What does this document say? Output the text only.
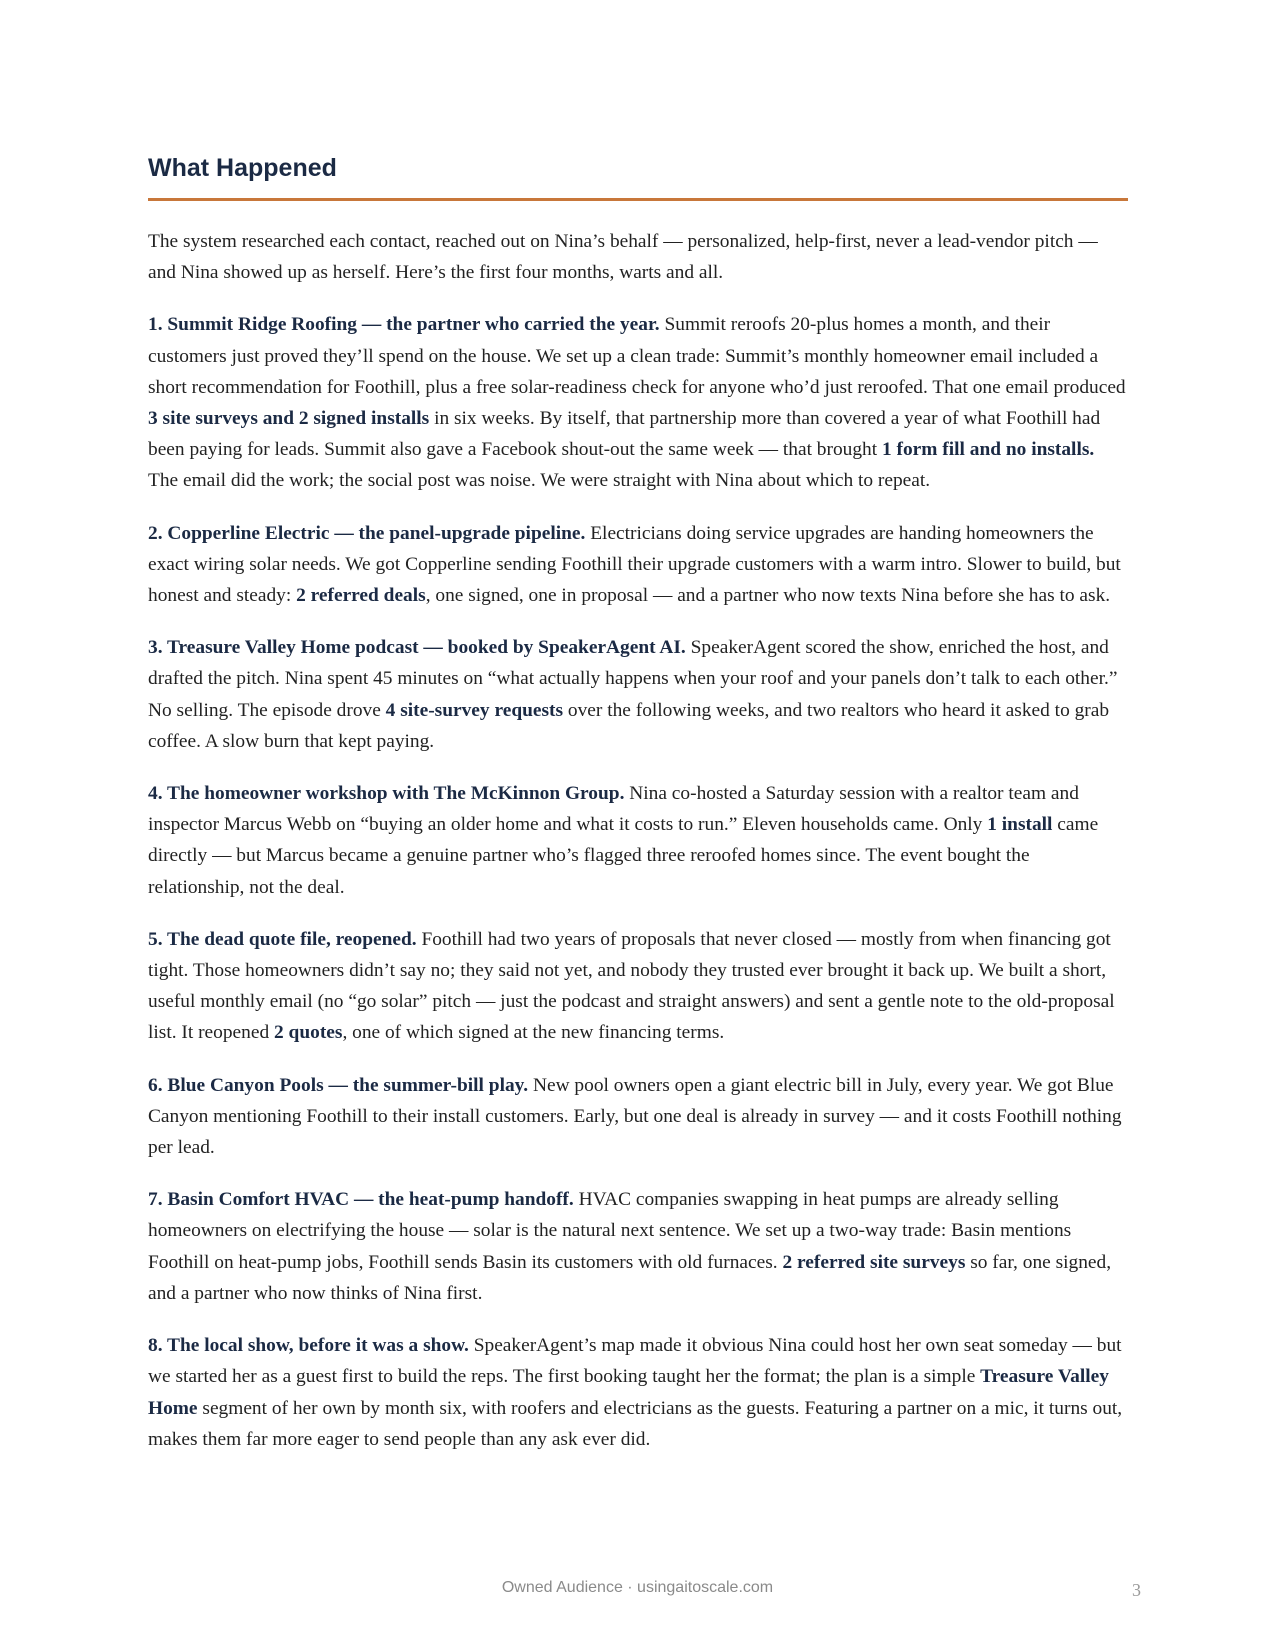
What Happened

The system researched each contact, reached out on Nina’s behalf — personalized, help-first, never a lead-vendor pitch — and Nina showed up as herself. Here’s the first four months, warts and all.

1. Summit Ridge Roofing — the partner who carried the year. Summit reroofs 20-plus homes a month, and their customers just proved they’ll spend on the house. We set up a clean trade: Summit’s monthly homeowner email included a short recommendation for Foothill, plus a free solar-readiness check for anyone who’d just reroofed. That one email produced 3 site surveys and 2 signed installs in six weeks. By itself, that partnership more than covered a year of what Foothill had been paying for leads. Summit also gave a Facebook shout-out the same week — that brought 1 form fill and no installs. The email did the work; the social post was noise. We were straight with Nina about which to repeat.

2. Copperline Electric — the panel-upgrade pipeline. Electricians doing service upgrades are handing homeowners the exact wiring solar needs. We got Copperline sending Foothill their upgrade customers with a warm intro. Slower to build, but honest and steady: 2 referred deals, one signed, one in proposal — and a partner who now texts Nina before she has to ask.

3. Treasure Valley Home podcast — booked by SpeakerAgent AI. SpeakerAgent scored the show, enriched the host, and drafted the pitch. Nina spent 45 minutes on “what actually happens when your roof and your panels don’t talk to each other.” No selling. The episode drove 4 site-survey requests over the following weeks, and two realtors who heard it asked to grab coffee. A slow burn that kept paying.

4. The homeowner workshop with The McKinnon Group. Nina co-hosted a Saturday session with a realtor team and inspector Marcus Webb on “buying an older home and what it costs to run.” Eleven households came. Only 1 install came directly — but Marcus became a genuine partner who’s flagged three reroofed homes since. The event bought the relationship, not the deal.

5. The dead quote file, reopened. Foothill had two years of proposals that never closed — mostly from when financing got tight. Those homeowners didn’t say no; they said not yet, and nobody they trusted ever brought it back up. We built a short, useful monthly email (no “go solar” pitch — just the podcast and straight answers) and sent a gentle note to the old-proposal list. It reopened 2 quotes, one of which signed at the new financing terms.

6. Blue Canyon Pools — the summer-bill play. New pool owners open a giant electric bill in July, every year. We got Blue Canyon mentioning Foothill to their install customers. Early, but one deal is already in survey — and it costs Foothill nothing per lead.

7. Basin Comfort HVAC — the heat-pump handoff. HVAC companies swapping in heat pumps are already selling homeowners on electrifying the house — solar is the natural next sentence. We set up a two-way trade: Basin mentions Foothill on heat-pump jobs, Foothill sends Basin its customers with old furnaces. 2 referred site surveys so far, one signed, and a partner who now thinks of Nina first.

8. The local show, before it was a show. SpeakerAgent’s map made it obvious Nina could host her own seat someday — but we started her as a guest first to build the reps. The first booking taught her the format; the plan is a simple Treasure Valley Home segment of her own by month six, with roofers and electricians as the guests. Featuring a partner on a mic, it turns out, makes them far more eager to send people than any ask ever did.

Owned Audience · usingaitoscale.com	3
